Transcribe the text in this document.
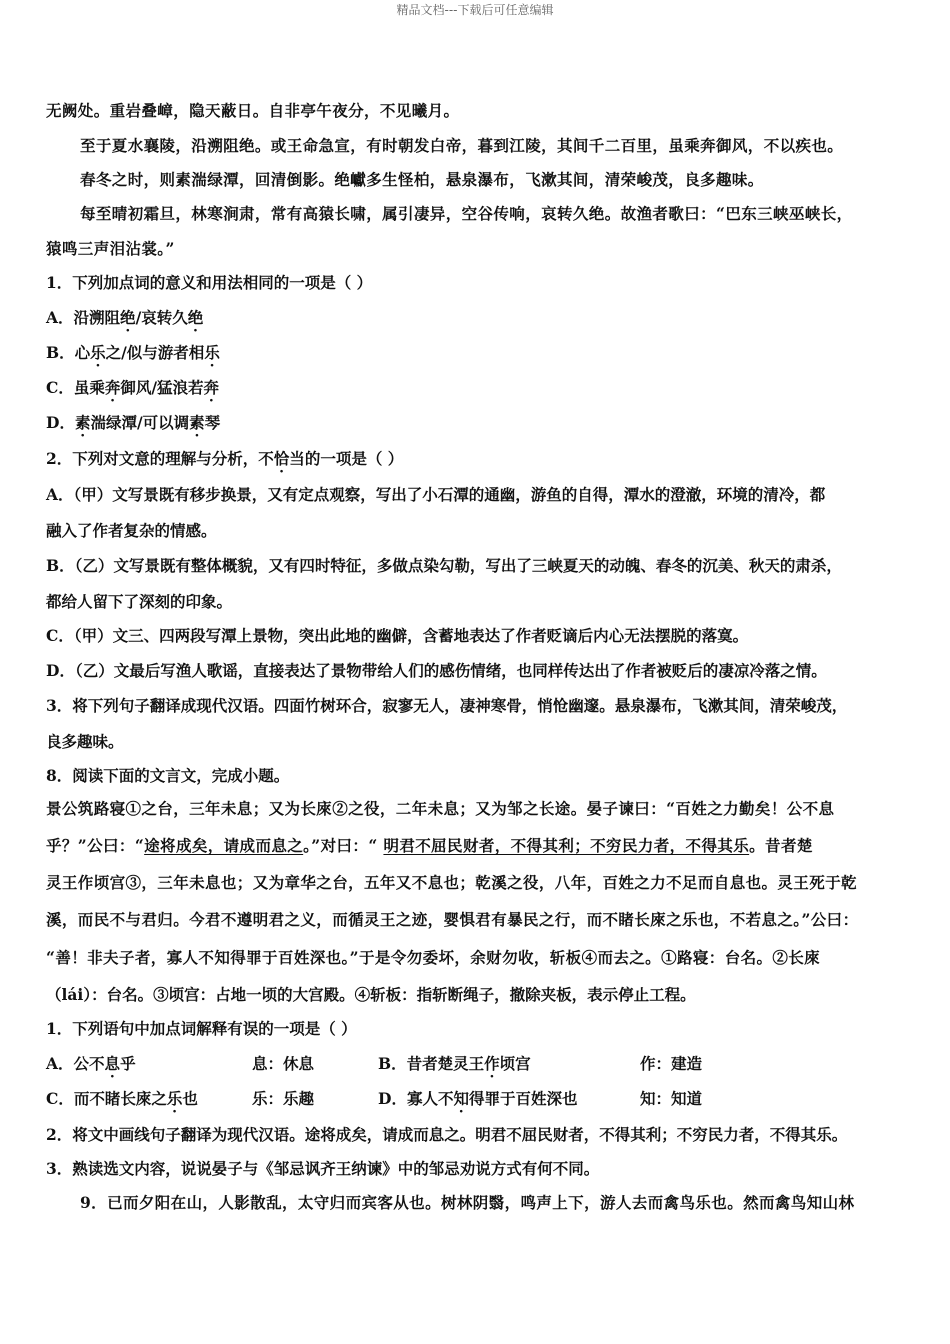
精品文档---下载后可任意编辑
无阙处。重岩叠嶂，隐天蔽日。自非亭午夜分，不见曦月。
至于夏水襄陵，沿溯阻绝。或王命急宣，有时朝发白帝，暮到江陵，其间千二百里，虽乘奔御风，不以疾也。
春冬之时，则素湍绿潭，回清倒影。绝巘多生怪柏，悬泉瀑布，飞漱其间，清荣峻茂，良多趣味。
每至晴初霜旦，林寒涧肃，常有高猿长啸，属引凄异，空谷传响，哀转久绝。故渔者歌曰：“巴东三峡巫峡长，
猿鸣三声泪沾裳。”
1．下列加点词的意义和用法相同的一项是（ ）
A．沿溯阻绝/哀转久绝
B．心乐之/似与游者相乐
C．虽乘奔御风/猛浪若奔
D．素湍绿潭/可以调素琴
2．下列对文意的理解与分析，不恰当的一项是（ ）
A．（甲）文写景既有移步换景，又有定点观察，写出了小石潭的通幽，游鱼的自得，潭水的澄澈，环境的清冷，都
融入了作者复杂的情感。
B．（乙）文写景既有整体概貌，又有四时特征，多做点染勾勒，写出了三峡夏天的动魄、春冬的沉美、秋天的肃杀，
都给人留下了深刻的印象。
C．（甲）文三、四两段写潭上景物，突出此地的幽僻，含蓄地表达了作者贬谪后内心无法摆脱的落寞。
D．（乙）文最后写渔人歌谣，直接表达了景物带给人们的感伤情绪，也同样传达出了作者被贬后的凄凉冷落之情。
3．将下列句子翻译成现代汉语。四面竹树环合，寂寥无人，凄神寒骨，悄怆幽邃。悬泉瀑布，飞漱其间，清荣峻茂，
良多趣味。
8．阅读下面的文言文，完成小题。
景公筑路寝①之台，三年未息；又为长庲②之役，二年未息；又为邹之长途。晏子谏曰：“百姓之力勤矣！公不息
乎？”公曰：“途将成矣，请成而息之。”对曰：“ 明君不屈民财者，不得其利；不穷民力者，不得其乐。昔者楚
灵王作顷宫③，三年未息也；又为章华之台，五年又不息也；乾溪之役，八年，百姓之力不足而自息也。灵王死于乾
溪，而民不与君归。今君不遵明君之义，而循灵王之迹，婴惧君有暴民之行，而不睹长庲之乐也，不若息之。”公曰：
“善！非夫子者，寡人不知得罪于百姓深也。”于是令勿委坏，余财勿收，斩板④而去之。①路寝：台名。②长庲
（lái）：台名。③顷宫：占地一顷的大宫殿。④斩板：指斩断绳子，撤除夹板，表示停止工程。
1．下列语句中加点词解释有误的一项是（ ）
A．公不息乎	息：休息	B．昔者楚灵王作顷宫	作：建造
C．而不睹长庲之乐也	乐：乐趣	D．寡人不知得罪于百姓深也	知：知道
2．将文中画线句子翻译为现代汉语。途将成矣，请成而息之。明君不屈民财者，不得其利；不穷民力者，不得其乐。
3．熟读选文内容，说说晏子与《邹忌讽齐王纳谏》中的邹忌劝说方式有何不同。
9．已而夕阳在山，人影散乱，太守归而宾客从也。树林阴翳，鸣声上下，游人去而禽鸟乐也。然而禽鸟知山林
